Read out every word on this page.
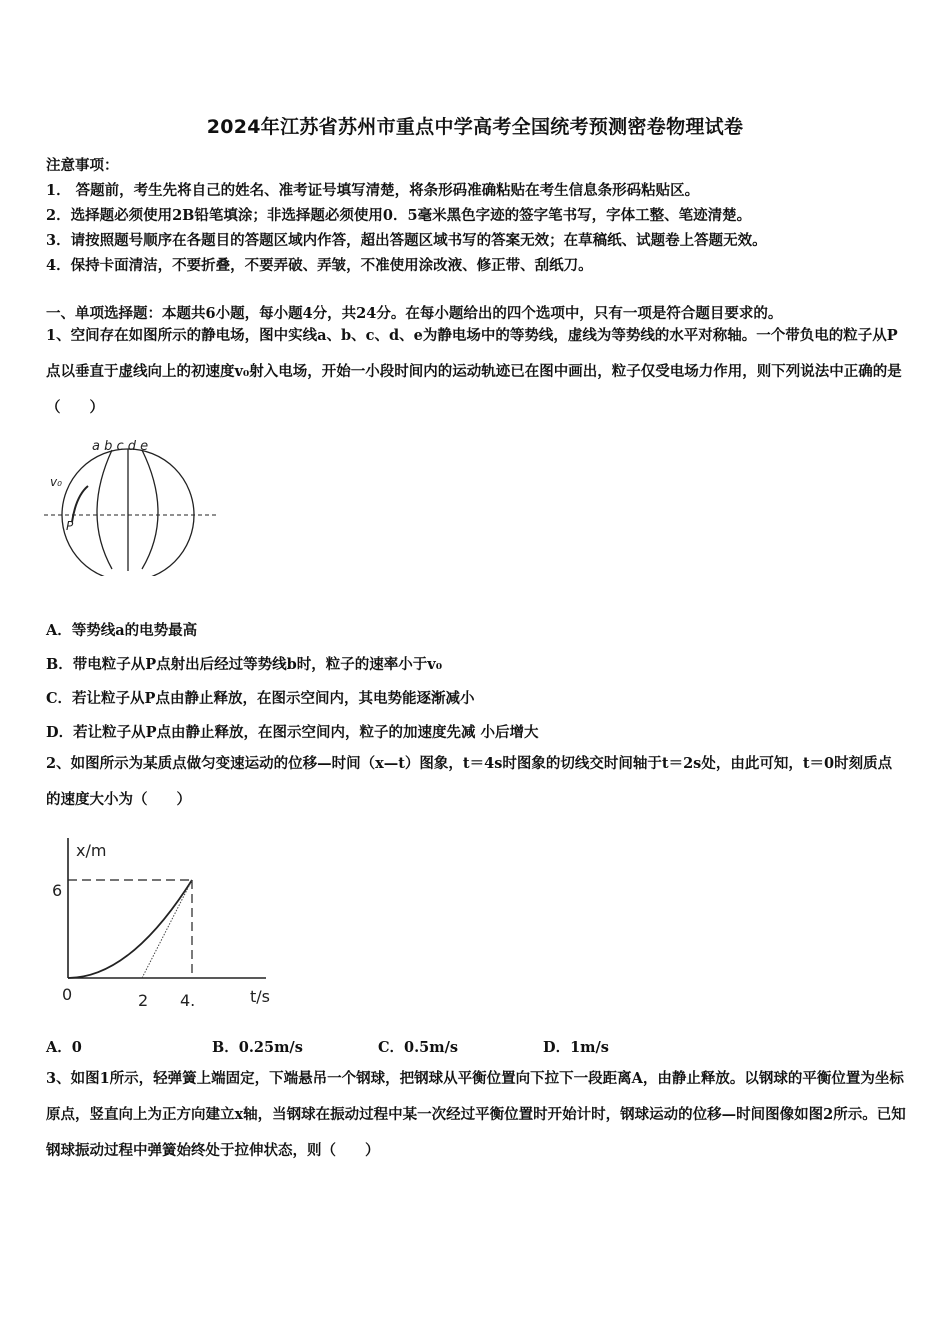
2024年江苏省苏州市重点中学高考全国统考预测密卷物理试卷
注意事项：
1． 答题前，考生先将自己的姓名、准考证号填写清楚，将条形码准确粘贴在考生信息条形码粘贴区。
2．选择题必须使用2B铅笔填涂；非选择题必须使用0．5毫米黑色字迹的签字笔书写，字体工整、笔迹清楚。
3．请按照题号顺序在各题目的答题区域内作答，超出答题区域书写的答案无效；在草稿纸、试题卷上答题无效。
4．保持卡面清洁，不要折叠，不要弄破、弄皱，不准使用涂改液、修正带、刮纸刀。
一、单项选择题：本题共6小题，每小题4分，共24分。在每小题给出的四个选项中，只有一项是符合题目要求的。
1、空间存在如图所示的静电场，图中实线a、b、c、d、e为静电场中的等势线，虚线为等势线的水平对称轴。一个带负电的粒子从P点以垂直于虚线向上的初速度v₀射入电场，开始一小段时间内的运动轨迹已在图中画出，粒子仅受电场力作用，则下列说法中正确的是（　　）
a b c d e
v₀
P
A．等势线a的电势最高
B．带电粒子从P点射出后经过等势线b时，粒子的速率小于v₀
C．若让粒子从P点由静止释放，在图示空间内，其电势能逐渐减小
D．若让粒子从P点由静止释放，在图示空间内，粒子的加速度先减 小后增大
2、如图所示为某质点做匀变速运动的位移—时间（x—t）图象，t＝4s时图象的切线交时间轴于t＝2s处，由此可知，t＝0时刻质点的速度大小为（　　）
x/m
t/s
6
0	2 4.
A．0	B．0.25m/s	C．0.5m/s	D．1m/s
3、如图1所示，轻弹簧上端固定，下端悬吊一个钢球，把钢球从平衡位置向下拉下一段距离A，由静止释放。以钢球的平衡位置为坐标原点，竖直向上为正方向建立x轴，当钢球在振动过程中某一次经过平衡位置时开始计时，钢球运动的位移—时间图像如图2所示。已知钢球振动过程中弹簧始终处于拉伸状态，则（　　）
